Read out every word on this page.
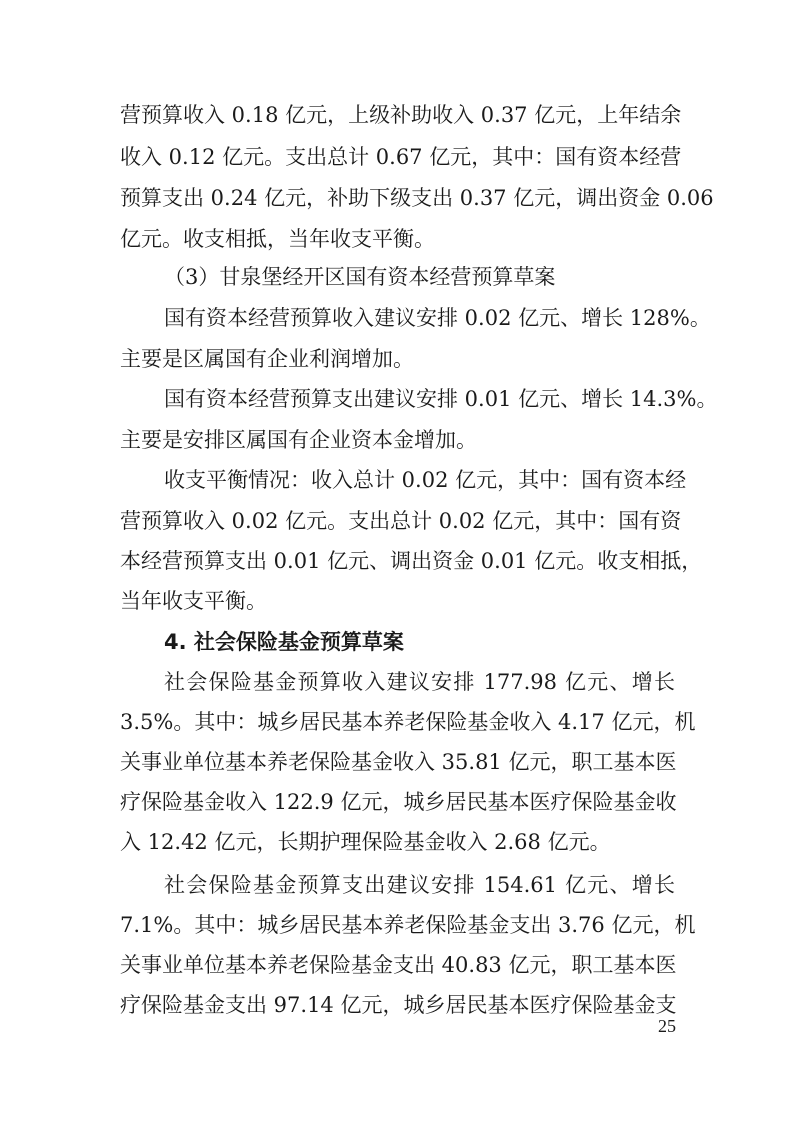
营预算收入 0.18 亿元，上级补助收入 0.37 亿元，上年结余
收入 0.12 亿元。支出总计 0.67 亿元，其中：国有资本经营
预算支出 0.24 亿元，补助下级支出 0.37 亿元，调出资金 0.06
亿元。收支相抵，当年收支平衡。
（3）甘泉堡经开区国有资本经营预算草案
国有资本经营预算收入建议安排 0.02 亿元、增长 128%。
主要是区属国有企业利润增加。
国有资本经营预算支出建议安排 0.01 亿元、增长 14.3%。
主要是安排区属国有企业资本金增加。
收支平衡情况：收入总计 0.02 亿元，其中：国有资本经
营预算收入 0.02 亿元。支出总计 0.02 亿元，其中：国有资
本经营预算支出 0.01 亿元、调出资金 0.01 亿元。收支相抵，
当年收支平衡。
4. 社会保险基金预算草案
社会保险基金预算收入建议安排 177.98 亿元、增长
3.5%。其中：城乡居民基本养老保险基金收入 4.17 亿元，机
关事业单位基本养老保险基金收入 35.81 亿元，职工基本医
疗保险基金收入 122.9 亿元，城乡居民基本医疗保险基金收
入 12.42 亿元，长期护理保险基金收入 2.68 亿元。
社会保险基金预算支出建议安排 154.61 亿元、增长
7.1%。其中：城乡居民基本养老保险基金支出 3.76 亿元，机
关事业单位基本养老保险基金支出 40.83 亿元，职工基本医
疗保险基金支出 97.14 亿元，城乡居民基本医疗保险基金支
25
